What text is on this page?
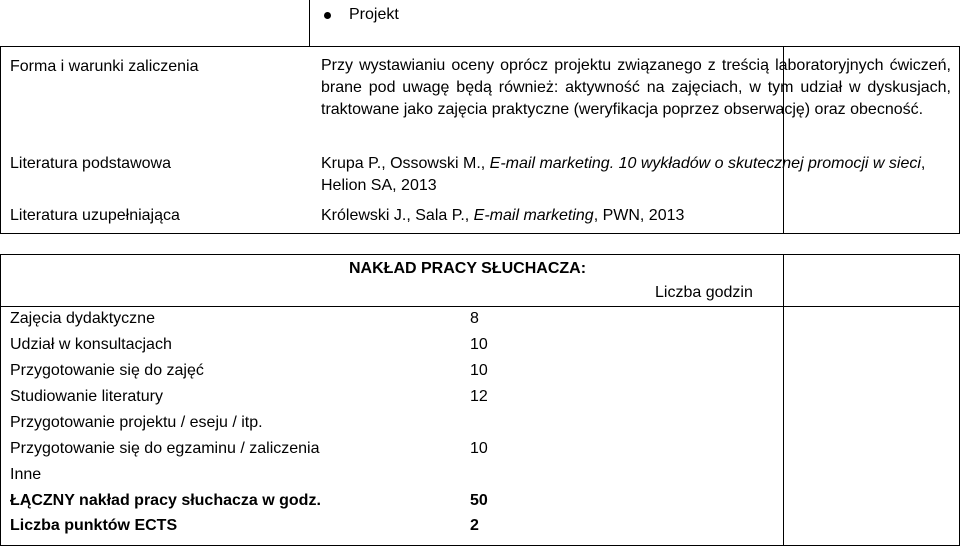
Projekt
Forma i warunki zaliczenia	Przy wystawianiu oceny oprócz projektu związanego z treścią laboratoryjnych ćwiczeń, brane pod uwagę będą również: aktywność na zajęciach, w tym udział w dyskusjach, traktowane jako zajęcia praktyczne (weryfikacja poprzez obserwację) oraz obecność.
Literatura podstawowa	Krupa P., Ossowski M., E-mail marketing. 10 wykładów o skutecznej promocji w sieci, Helion SA, 2013
Literatura uzupełniająca	Królewski J., Sala P., E-mail marketing, PWN, 2013
NAKŁAD PRACY SŁUCHACZA:
Liczba godzin
Zajęcia dydaktyczne	8
Udział w konsultacjach	10
Przygotowanie się do zajęć	10
Studiowanie literatury	12
Przygotowanie projektu / eseju / itp.
Przygotowanie się do egzaminu / zaliczenia	10
Inne
ŁĄCZNY nakład pracy słuchacza w godz.	50
Liczba punktów ECTS	2
